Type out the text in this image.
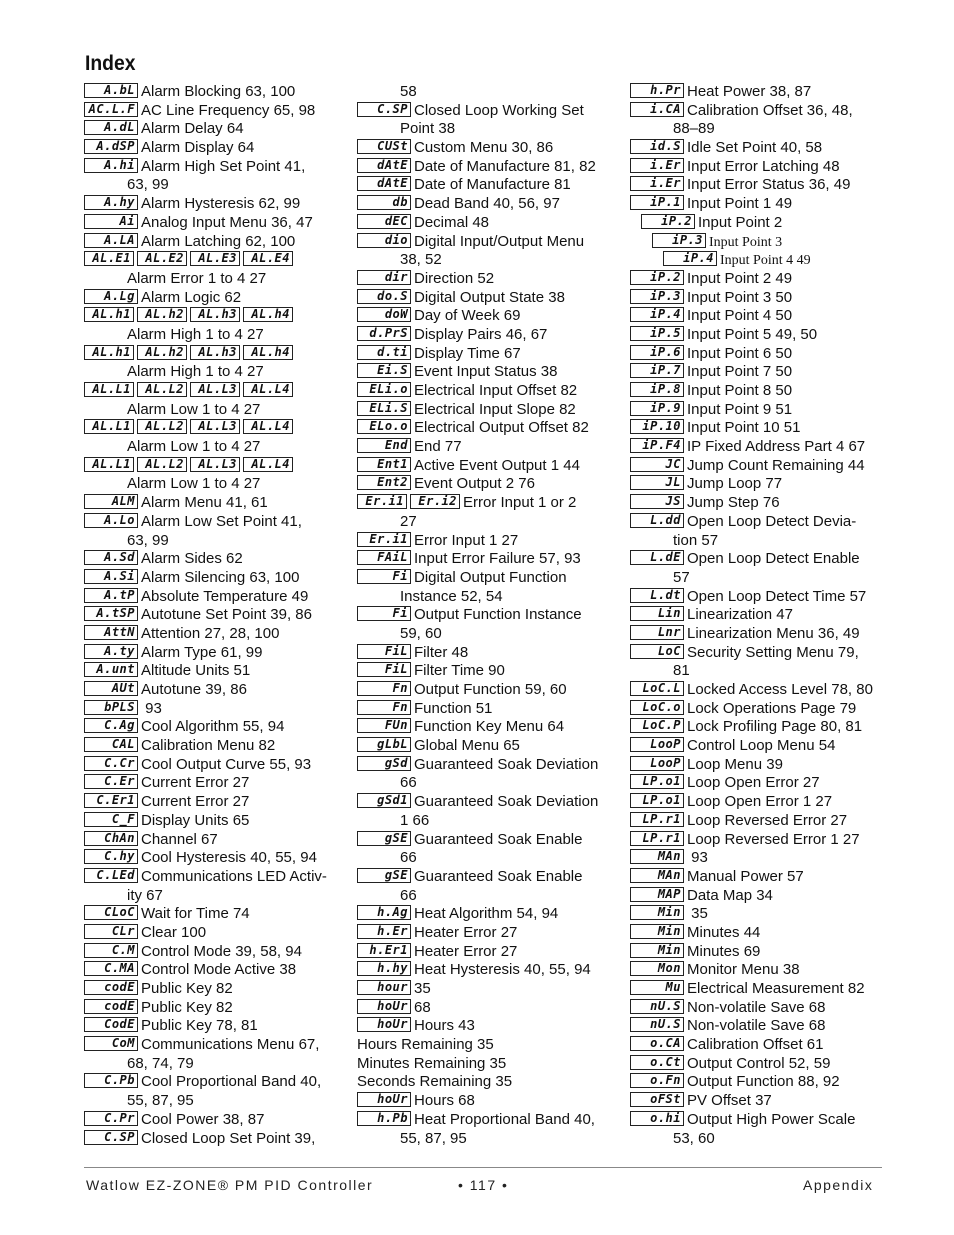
Index
A.bL Alarm Blocking 63, 100
AC.L.F AC Line Frequency 65, 98
A.dL Alarm Delay 64
A.dSP Alarm Display 64
A.hi Alarm High Set Point 41,
63, 99
A.hy Alarm Hysteresis 62, 99
Ai Analog Input Menu 36, 47
A.LA Alarm Latching 62, 100
AL.E1 AL.E2 AL.E3 AL.E4
Alarm Error 1 to 4 27
A.Lg Alarm Logic 62
AL.h1 AL.h2 AL.h3 AL.h4
Alarm High 1 to 4 27
AL.h1 AL.h2 AL.h3 AL.h4
Alarm High 1 to 4 27
AL.L1 AL.L2 AL.L3 AL.L4
Alarm Low 1 to 4 27
AL.L1 AL.L2 AL.L3 AL.L4
Alarm Low 1 to 4 27
AL.L1 AL.L2 AL.L3 AL.L4
Alarm Low 1 to 4 27
ALM Alarm Menu 41, 61
A.Lo Alarm Low Set Point 41,
63, 99
A.Sd Alarm Sides 62
A.Si Alarm Silencing 63, 100
A.tP Absolute Temperature 49
A.tSP Autotune Set Point 39, 86
AttN Attention 27, 28, 100
A.ty Alarm Type 61, 99
A.unt Altitude Units 51
AUt Autotune 39, 86
bPLS 93
C.Ag Cool Algorithm 55, 94
CAL Calibration Menu 82
C.Cr Cool Output Curve 55, 93
C.Er Current Error 27
C.Er1 Current Error 27
C_F Display Units 65
ChAn Channel 67
C.hy Cool Hysteresis 40, 55, 94
C.LEd Communications LED Activ-
ity 67
CLoC Wait for Time 74
CLr Clear 100
C.M Control Mode 39, 58, 94
C.MA Control Mode Active 38
codE Public Key 82
codE Public Key 82
CodE Public Key 78, 81
CoM Communications Menu 67,
68, 74, 79
C.Pb Cool Proportional Band 40,
55, 87, 95
C.Pr Cool Power 38, 87
C.SP Closed Loop Set Point 39,
58
C.SP Closed Loop Working Set
Point 38
CUSt Custom Menu 30, 86
dAtE Date of Manufacture 81, 82
dAtE Date of Manufacture 81
db Dead Band 40, 56, 97
dEC Decimal 48
dio Digital Input/Output Menu
38, 52
dir Direction 52
do.S Digital Output State 38
doW Day of Week 69
d.PrS Display Pairs 46, 67
d.ti Display Time 67
Ei.S Event Input Status 38
ELi.o Electrical Input Offset 82
ELi.S Electrical Input Slope 82
ELo.o Electrical Output Offset 82
End End 77
Ent1 Active Event Output 1 44
Ent2 Event Output 2 76
Er.i1 Er.i2 Error Input 1 or 2
27
Er.i1 Error Input 1 27
FAiL Input Error Failure 57, 93
Fi Digital Output Function
Instance 52, 54
Fi Output Function Instance
59, 60
FiL Filter 48
FiL Filter Time 90
Fn Output Function 59, 60
Fn Function 51
FUn Function Key Menu 64
gLbL Global Menu 65
gSd Guaranteed Soak Deviation
66
gSd1 Guaranteed Soak Deviation
1 66
gSE Guaranteed Soak Enable
66
gSE Guaranteed Soak Enable
66
h.Ag Heat Algorithm 54, 94
h.Er Heater Error 27
h.Er1 Heater Error 27
h.hy Heat Hysteresis 40, 55, 94
hour 35
hoUr 68
hoUr Hours 43
Hours Remaining 35
Minutes Remaining 35
Seconds Remaining 35
hoUr Hours 68
h.Pb Heat Proportional Band 40,
55, 87, 95
h.Pr Heat Power 38, 87
i.CA Calibration Offset 36, 48,
88–89
id.S Idle Set Point 40, 58
i.Er Input Error Latching 48
i.Er Input Error Status 36, 49
iP.1 Input Point 1 49
iP.2 Input Point 2
iP.3 Input Point 3
iP.4 Input Point 4 49
iP.2 Input Point 2 49
iP.3 Input Point 3 50
iP.4 Input Point 4 50
iP.5 Input Point 5 49, 50
iP.6 Input Point 6 50
iP.7 Input Point 7 50
iP.8 Input Point 8 50
iP.9 Input Point 9 51
iP.10 Input Point 10 51
iP.F4 IP Fixed Address Part 4 67
JC Jump Count Remaining 44
JL Jump Loop 77
JS Jump Step 76
L.dd Open Loop Detect Devia-
tion 57
L.dE Open Loop Detect Enable
57
L.dt Open Loop Detect Time 57
Lin Linearization 47
Lnr Linearization Menu 36, 49
LoC Security Setting Menu 79,
81
LoC.L Locked Access Level 78, 80
LoC.o Lock Operations Page 79
LoC.P Lock Profiling Page 80, 81
LooP Control Loop Menu 54
LooP Loop Menu 39
LP.o1 Loop Open Error 27
LP.o1 Loop Open Error 1 27
LP.r1 Loop Reversed Error 27
LP.r1 Loop Reversed Error 1 27
MAn 93
MAn Manual Power 57
MAP Data Map 34
Min 35
Min Minutes 44
Min Minutes 69
Mon Monitor Menu 38
Mu Electrical Measurement 82
nU.S Non-volatile Save 68
nU.S Non-volatile Save 68
o.CA Calibration Offset 61
o.Ct Output Control 52, 59
o.Fn Output Function 88, 92
oFSt PV Offset 37
o.hi Output High Power Scale
53, 60
Watlow EZ-ZONE® PM PID Controller	• 117 •	Appendix
